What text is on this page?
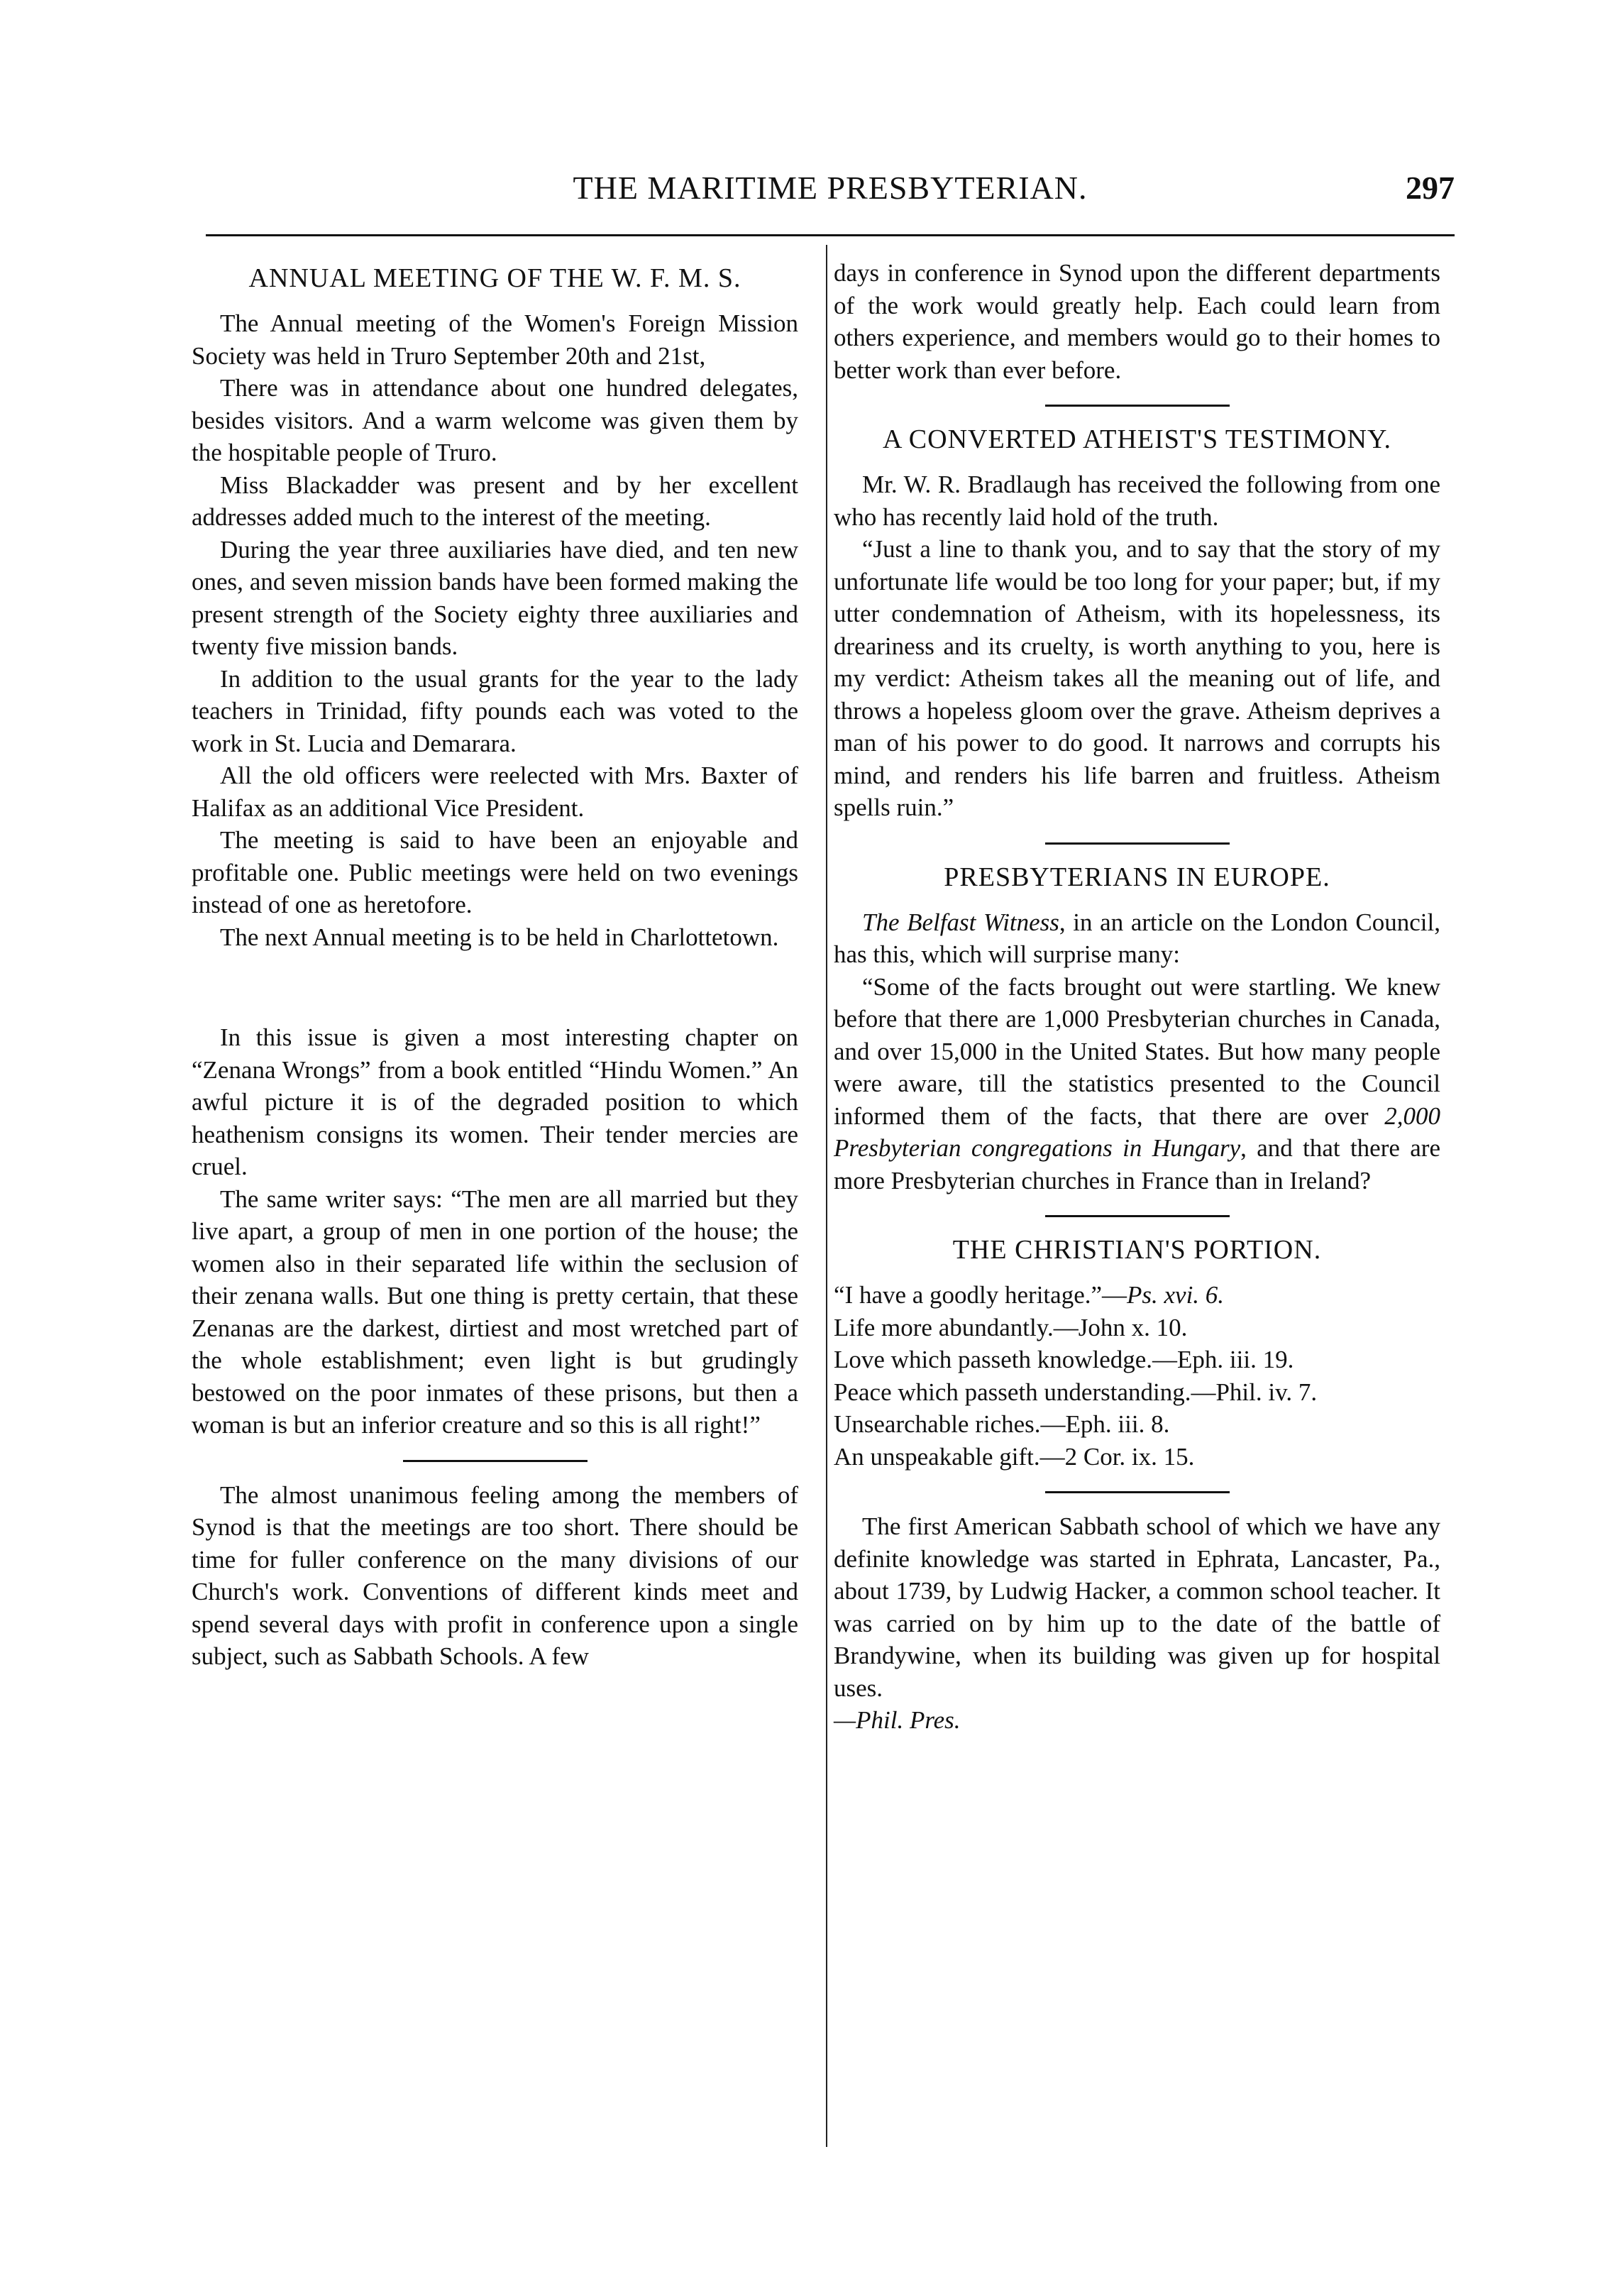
THE MARITIME PRESBYTERIAN.	297
ANNUAL MEETING OF THE W. F. M. S.

The Annual meeting of the Women's Foreign Mission Society was held in Truro September 20th and 21st,

There was in attendance about one hundred delegates, besides visitors. And a warm welcome was given them by the hospitable people of Truro.

Miss Blackadder was present and by her excellent addresses added much to the interest of the meeting.

During the year three auxiliaries have died, and ten new ones, and seven mission bands have been formed making the present strength of the Society eighty three auxiliaries and twenty five mission bands.

In addition to the usual grants for the year to the lady teachers in Trinidad, fifty pounds each was voted to the work in St. Lucia and Demarara.

All the old officers were reelected with Mrs. Baxter of Halifax as an additional Vice President.

The meeting is said to have been an enjoyable and profitable one. Public meetings were held on two evenings instead of one as heretofore.

The next Annual meeting is to be held in Charlottetown.

In this issue is given a most interesting chapter on “Zenana Wrongs” from a book entitled “Hindu Women.” An awful picture it is of the degraded position to which heathenism consigns its women. Their tender mercies are cruel.

The same writer says: “The men are all married but they live apart, a group of men in one portion of the house; the women also in their separated life within the seclusion of their zenana walls. But one thing is pretty certain, that these Zenanas are the darkest, dirtiest and most wretched part of the whole establishment; even light is but grudingly bestowed on the poor inmates of these prisons, but then a woman is but an inferior creature and so this is all right!”

The almost unanimous feeling among the members of Synod is that the meetings are too short. There should be time for fuller conference on the many divisions of our Church's work. Conventions of different kinds meet and spend several days with profit in conference upon a single subject, such as Sabbath Schools. A few

days in conference in Synod upon the different departments of the work would greatly help. Each could learn from others experience, and members would go to their homes to better work than ever before.

A CONVERTED ATHEIST'S TESTIMONY.

Mr. W. R. Bradlaugh has received the following from one who has recently laid hold of the truth.

“Just a line to thank you, and to say that the story of my unfortunate life would be too long for your paper; but, if my utter condemnation of Atheism, with its hopelessness, its dreariness and its cruelty, is worth anything to you, here is my verdict: Atheism takes all the meaning out of life, and throws a hopeless gloom over the grave. Atheism deprives a man of his power to do good. It narrows and corrupts his mind, and renders his life barren and fruitless. Atheism spells ruin.”

PRESBYTERIANS IN EUROPE.

The Belfast Witness, in an article on the London Council, has this, which will surprise many:

“Some of the facts brought out were startling. We knew before that there are 1,000 Presbyterian churches in Canada, and over 15,000 in the United States. But how many people were aware, till the statistics presented to the Council informed them of the facts, that there are over 2,000 Presbyterian congregations in Hungary, and that there are more Presbyterian churches in France than in Ireland?

THE CHRISTIAN'S PORTION.

“I have a goodly heritage.”—Ps. xvi. 6.

Life more abundantly.—John x. 10.

Love which passeth knowledge.—Eph. iii. 19.

Peace which passeth understanding.—Phil. iv. 7.

Unsearchable riches.—Eph. iii. 8.

An unspeakable gift.—2 Cor. ix. 15.

The first American Sabbath school of which we have any definite knowledge was started in Ephrata, Lancaster, Pa., about 1739, by Ludwig Hacker, a common school teacher. It was carried on by him up to the date of the battle of Brandywine, when its building was given up for hospital uses.
—Phil. Pres.
